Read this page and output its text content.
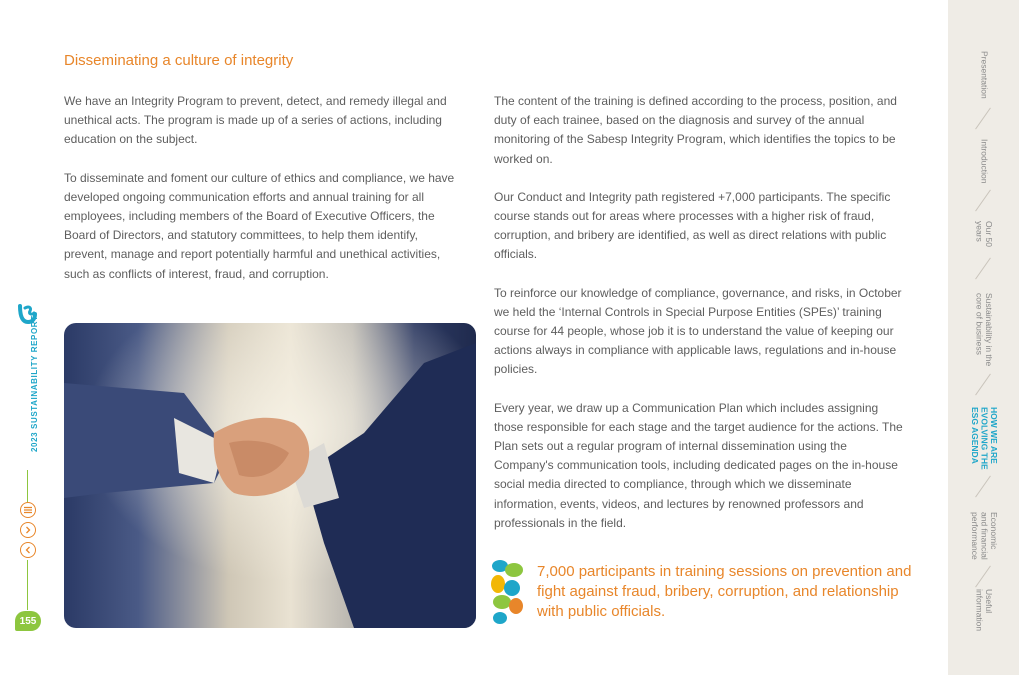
2023 SUSTAINABILITY REPORT
155
Disseminating a culture of integrity

We have an Integrity Program to prevent, detect, and remedy illegal and unethical acts. The program is made up of a series of actions, including education on the subject.

To disseminate and foment our culture of ethics and compliance, we have developed ongoing communication efforts and annual training for all employees, including members of the Board of Executive Officers, the Board of Directors, and statutory committees, to help them identify, prevent, manage and report potentially harmful and unethical activities, such as conflicts of interest, fraud, and corruption.

The content of the training is defined according to the process, position, and duty of each trainee, based on the diagnosis and survey of the annual monitoring of the Sabesp Integrity Program, which identifies the topics to be worked on.

Our Conduct and Integrity path registered +7,000 participants. The specific course stands out for areas where processes with a higher risk of fraud, corruption, and bribery are identified, as well as direct relations with public officials.

To reinforce our knowledge of compliance, governance, and risks, in October we held the ‘Internal Controls in Special Purpose Entities (SPEs)’ training course for 44 people, whose job it is to understand the value of keeping our actions always in compliance with applicable laws, regulations and in-house policies.

Every year, we draw up a Communication Plan which includes assigning those responsible for each stage and the target audience for the actions. The Plan sets out a regular program of internal dissemination using the Company's communication tools, including dedicated pages on the in-house social media directed to compliance, through which we disseminate information, events, videos, and lectures by renowned professors and professionals in the field.

7,000 participants in training sessions on prevention and fight against fraud, bribery, corruption, and relationship with public officials.
Presentation
Introduction
Our 50
years
Sustainability in the
core of business
HOW WE ARE
EVOLVING THE
ESG AGENDA
Economic
and financial
performance
Useful
information
